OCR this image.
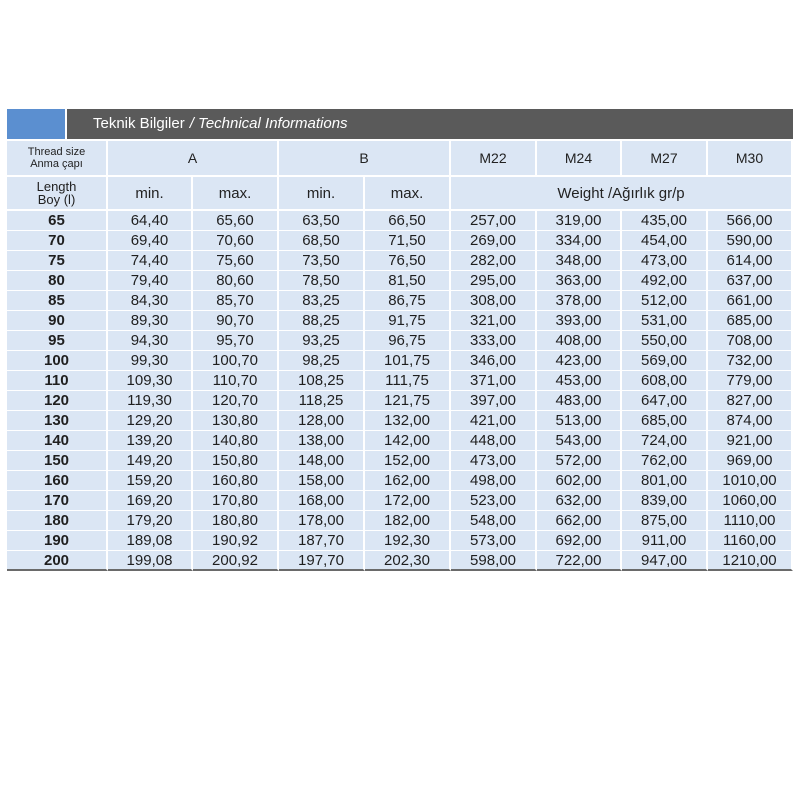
Teknik Bilgiler / Technical Informations
Thread size
Anma çapı	A	B	M22	M24	M27	M30
Length
Boy (l)	min.	max.	min.	max.	Weight /Ağırlık gr/p
65	64,40	65,60	63,50	66,50	257,00	319,00	435,00	566,00
70	69,40	70,60	68,50	71,50	269,00	334,00	454,00	590,00
75	74,40	75,60	73,50	76,50	282,00	348,00	473,00	614,00
80	79,40	80,60	78,50	81,50	295,00	363,00	492,00	637,00
85	84,30	85,70	83,25	86,75	308,00	378,00	512,00	661,00
90	89,30	90,70	88,25	91,75	321,00	393,00	531,00	685,00
95	94,30	95,70	93,25	96,75	333,00	408,00	550,00	708,00
100	99,30	100,70	98,25	101,75	346,00	423,00	569,00	732,00
110	109,30	110,70	108,25	111,75	371,00	453,00	608,00	779,00
120	119,30	120,70	118,25	121,75	397,00	483,00	647,00	827,00
130	129,20	130,80	128,00	132,00	421,00	513,00	685,00	874,00
140	139,20	140,80	138,00	142,00	448,00	543,00	724,00	921,00
150	149,20	150,80	148,00	152,00	473,00	572,00	762,00	969,00
160	159,20	160,80	158,00	162,00	498,00	602,00	801,00	1010,00
170	169,20	170,80	168,00	172,00	523,00	632,00	839,00	1060,00
180	179,20	180,80	178,00	182,00	548,00	662,00	875,00	1110,00
190	189,08	190,92	187,70	192,30	573,00	692,00	911,00	1160,00
200	199,08	200,92	197,70	202,30	598,00	722,00	947,00	1210,00
